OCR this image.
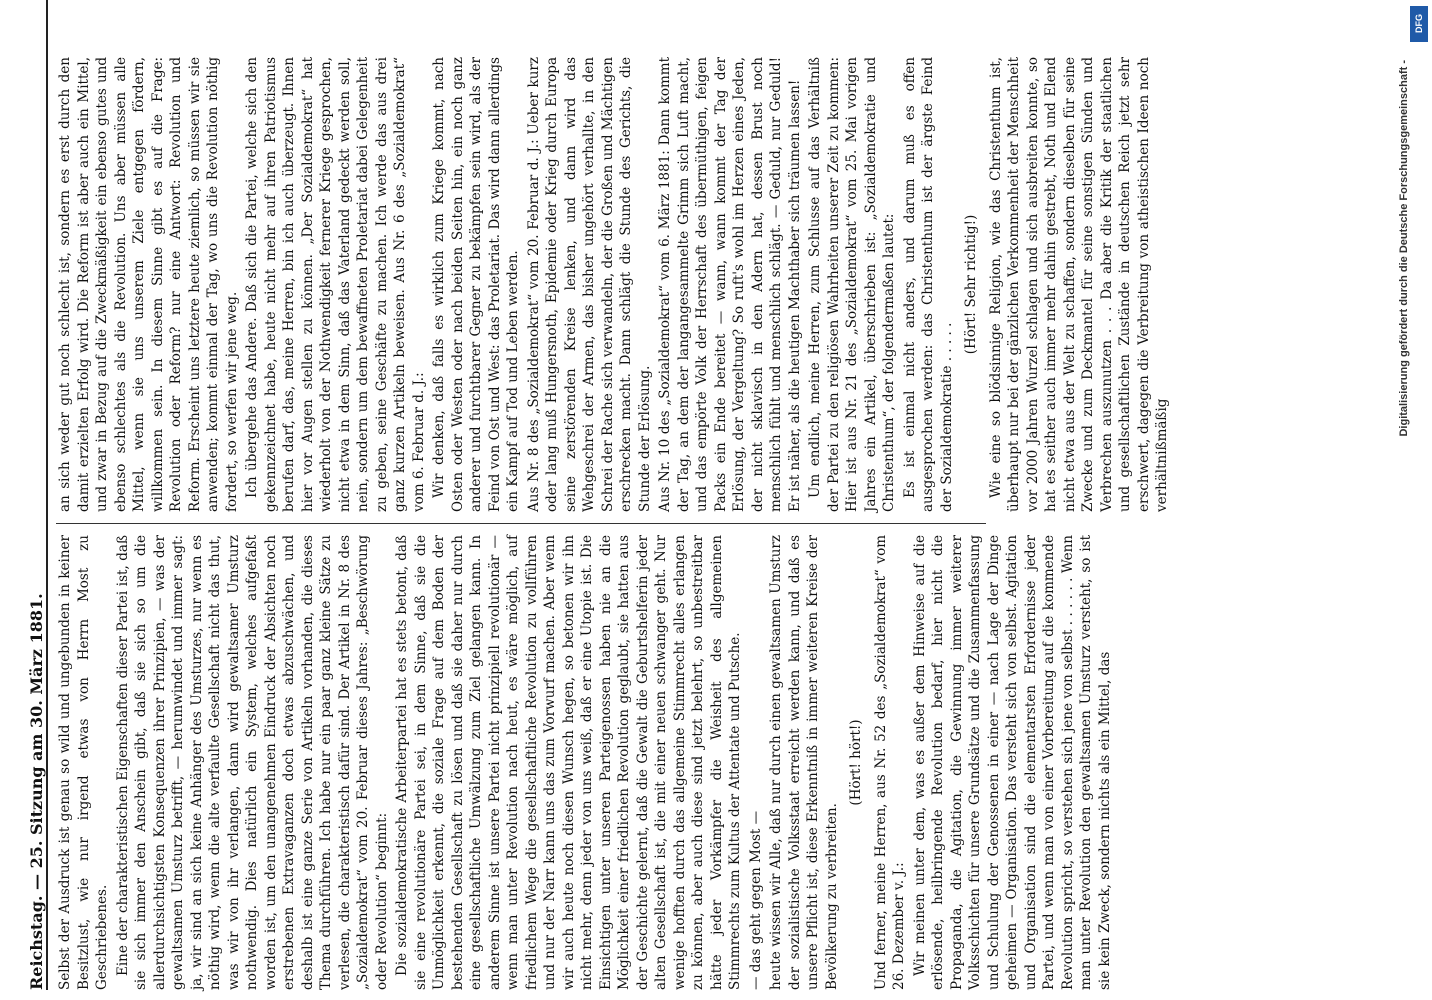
Reichstag. — 25. Sitzung am 30. März 1881. Selbst der Ausdruck ist genau so wild und ungebunden in keiner Besitzlust, wie nur irgend etwas von Herrn Most zu Geschriebenes. Eine der charakteristischen Eigenschaften dieser Partei ist, daß sie sich immer den Anschein gibt, daß sie sich so um die allerdurchsichtigsten Konsequenzen ihrer Prinzipien, — was der gewaltsamen Umsturz betrifft, — herumwindet und immer sagt: ja, wir sind an sich keine Anhänger des Umsturzes, nur wenn es nöthig wird, wenn die alte verfaulte Gesellschaft nicht das thut, was wir von ihr verlangen, dann wird gewaltsamer Umsturz nothwendig. Dies natürlich ein System, welches aufgefaßt worden ist, um den unangenehmen Eindruck der Absichten noch erstrebenen Extravaganzen doch etwas abzuschwächen, und deshalb ist eine ganze Serie von Artikeln vorhanden, die dieses Thema durchführen. Ich habe nur ein paar ganz kleine Sätze zu verlesen, die charakteristisch dafür sind. Der Artikel in Nr. 8 des „Sozialdemokrat“ vom 20. Februar dieses Jahres: „Beschwörung oder Revolution“ beginnt: Die sozialdemokratische Arbeiterpartei hat es stets betont, daß sie eine revolutionäre Partei sei, in dem Sinne, daß sie die Unmöglichkeit erkennt, die soziale Frage auf dem Boden der bestehenden Gesellschaft zu lösen und daß sie daher nur durch eine gesellschaftliche Umwälzung zum Ziel gelangen kann. In anderem Sinne ist unsere Partei nicht prinzipiell revolutionär — wenn man unter Revolution nach heut, es wäre möglich, auf friedlichem Wege die gesellschaftliche Revolution zu vollführen und nur der Narr kann uns das zum Vorwurf machen. Aber wenn wir auch heute noch diesen Wunsch hegen, so betonen wir ihn nicht mehr, denn jeder von uns weiß, daß er eine Utopie ist. Die Einsichtigen unter unseren Parteigenossen haben nie an die Möglichkeit einer friedlichen Revolution geglaubt, sie hatten aus der Geschichte gelernt, daß die Gewalt die Geburtshelferin jeder alten Gesellschaft ist, die mit einer neuen schwanger geht. Nur wenige hofften durch das allgemeine Stimmrecht alles erlangen zu können, aber auch diese sind jetzt belehrt, so unbestreitbar hätte jeder Vorkämpfer die Weisheit des allgemeinen Stimmrechts zum Kultus der Attentate und Putsche. — das geht gegen Most — heute wissen wir Alle, daß nur durch einen gewaltsamen Umsturz der sozialistische Volksstaat erreicht werden kann, und daß es unsere Pflicht ist, diese Erkenntniß in immer weiteren Kreise der Bevölkerung zu verbreiten.

(Hört! hört!) Und ferner, meine Herren, aus Nr. 52 des „Sozialdemokrat“ vom 26. Dezember v. J.: Wir meinen unter dem, was es außer dem Hinweise auf die erlösende, heilbringende Revolution bedarf, hier nicht die Propaganda, die Agitation, die Gewinnung immer weiterer Volksschichten für unsere Grundsätze und die Zusammenfassung und Schulung der Genossenen in einer — nach Lage der Dinge geheimen — Organisation. Das versteht sich von selbst. Agitation und Organisation sind die elementarsten Erfordernisse jeder Partei, und wenn man von einer Vorbereitung auf die kommende Revolution spricht, so verstehen sich jene von selbst . . . . . . Wenn man unter Revolution den gewaltsamen Umsturz versteht, so ist sie kein Zweck, sondern nichts als ein Mittel, das

an sich weder gut noch schlecht ist, sondern es erst durch den damit erzielten Erfolg wird. Die Reform ist aber auch ein Mittel, und zwar in Bezug auf die Zweckmäßigkeit ein ebenso gutes und ebenso schlechtes als die Revolution. Uns aber müssen alle Mittel, wenn sie uns unserem Ziele entgegen fördern, willkommen sein. In diesem Sinne gibt es auf die Frage: Revolution oder Reform? nur eine Antwort: Revolution und Reform. Erscheint uns letztere heute ziemlich, so müssen wir sie anwenden; kommt einmal der Tag, wo uns die Revolution nöthig fordert, so werfen wir jene weg. Ich übergehe das Andere. Daß sich die Partei, welche sich den gekennzeichnet habe, heute nicht mehr auf ihren Patriotismus berufen darf, das, meine Herren, bin ich auch überzeugt. Ihnen hier vor Augen stellen zu können. „Der Sozialdemokrat“ hat wiederholt von der Nothwendigkeit fernerer Kriege gesprochen, nicht etwa in dem Sinn, daß das Vaterland gedeckt werden soll, nein, sondern um dem bewaffneten Proletariat dabei Gelegenheit zu geben, seine Geschäfte zu machen. Ich werde das aus drei ganz kurzen Artikeln beweisen. Aus Nr. 6 des „Sozialdemokrat“ vom 6. Februar d. J.: Wir denken, daß falls es wirklich zum Kriege kommt, nach Osten oder Westen oder nach beiden Seiten hin, ein noch ganz anderer und furchtbarer Gegner zu bekämpfen sein wird, als der Feind von Ost und West: das Proletariat. Das wird dann allerdings ein Kampf auf Tod und Leben werden. Aus Nr. 8 des „Sozialdemokrat“ vom 20. Februar d. J.: Ueber kurz oder lang muß Hungersnoth, Epidemie oder Krieg durch Europa seine zerstörenden Kreise lenken, und dann wird das Wehgeschrei der Armen, das bisher ungehört verhallte, in den Schrei der Rache sich verwandeln, der die Großen und Mächtigen erschrecken macht. Dann schlägt die Stunde des Gerichts, die Stunde der Erlösung. Aus Nr. 10 des „Sozialdemokrat“ vom 6. März 1881: Dann kommt der Tag, an dem der langangesammelte Grimm sich Luft macht, und das empörte Volk der Herrschaft des übermüthigen, feigen Packs ein Ende bereitet — wann, wann kommt der Tag der Erlösung, der Vergeltung? So ruft's wohl im Herzen eines Jeden, der nicht sklavisch in den Adern hat, dessen Brust noch menschlich fühlt und menschlich schlägt. — Geduld, nur Geduld! Er ist näher, als die heutigen Machthaber sich träumen lassen! Um endlich, meine Herren, zum Schlusse auf das Verhältniß der Partei zu den religiösen Wahrheiten unserer Zeit zu kommen: Hier ist aus Nr. 21 des „Sozialdemokrat“ vom 25. Mai vorigen Jahres ein Artikel, überschrieben ist: „Sozialdemokratie und Christenthum“, der folgendermaßen lautet: Es ist einmal nicht anders, und darum muß es offen ausgesprochen werden: das Christenthum ist der ärgste Feind der Sozialdemokratie . . . . .

(Hört! Sehr richtig!) Wie eine so blödsinnige Religion, wie das Christenthum ist, überhaupt nur bei der gänzlichen Verkommenheit der Menschheit vor 2000 Jahren Wurzel schlagen und sich ausbreiten konnte, so hat es seither auch immer mehr dahin gestrebt, Noth und Elend nicht etwa aus der Welt zu schaffen, sondern dieselben für seine Zwecke und zum Deckmantel für seine sonstigen Sünden und Verbrechen auszunutzen . . . Da aber die Kritik der staatlichen und gesellschaftlichen Zustände in deutschen Reich jetzt sehr erschwert, dagegen die Verbreitung von atheistischen Ideen noch verhältnißmäßig

Digitalisierung gefördert durch die Deutsche Forschungsgemeinschaft -
DFG
